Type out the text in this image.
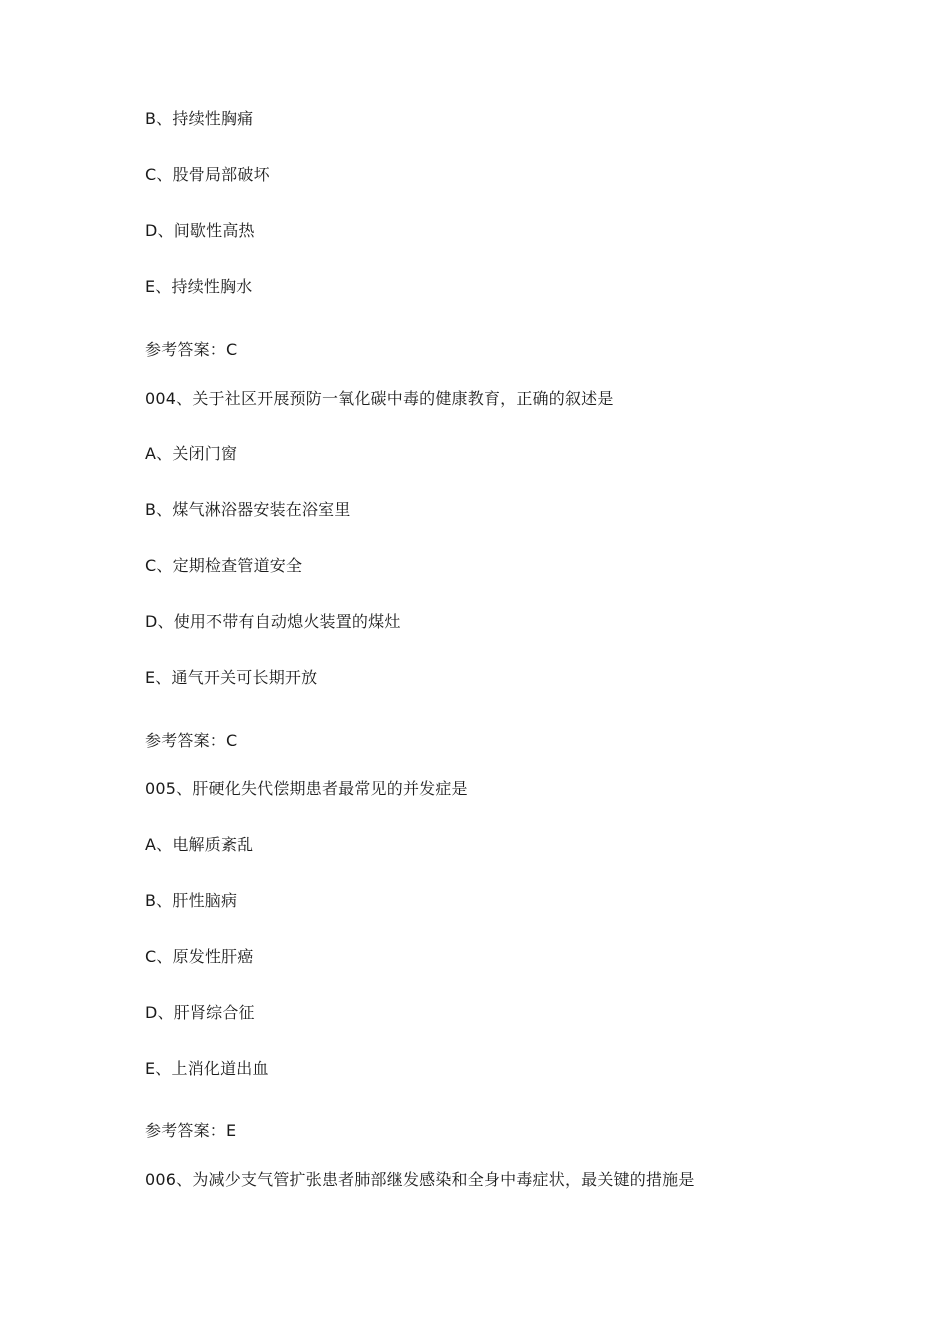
B、持续性胸痛
C、股骨局部破坏
D、间歇性高热
E、持续性胸水
参考答案：C
004、关于社区开展预防一氧化碳中毒的健康教育，正确的叙述是
A、关闭门窗
B、煤气淋浴器安装在浴室里
C、定期检查管道安全
D、使用不带有自动熄火装置的煤灶
E、通气开关可长期开放
参考答案：C
005、肝硬化失代偿期患者最常见的并发症是
A、电解质紊乱
B、肝性脑病
C、原发性肝癌
D、肝肾综合征
E、上消化道出血
参考答案：E
006、为减少支气管扩张患者肺部继发感染和全身中毒症状，最关键的措施是
